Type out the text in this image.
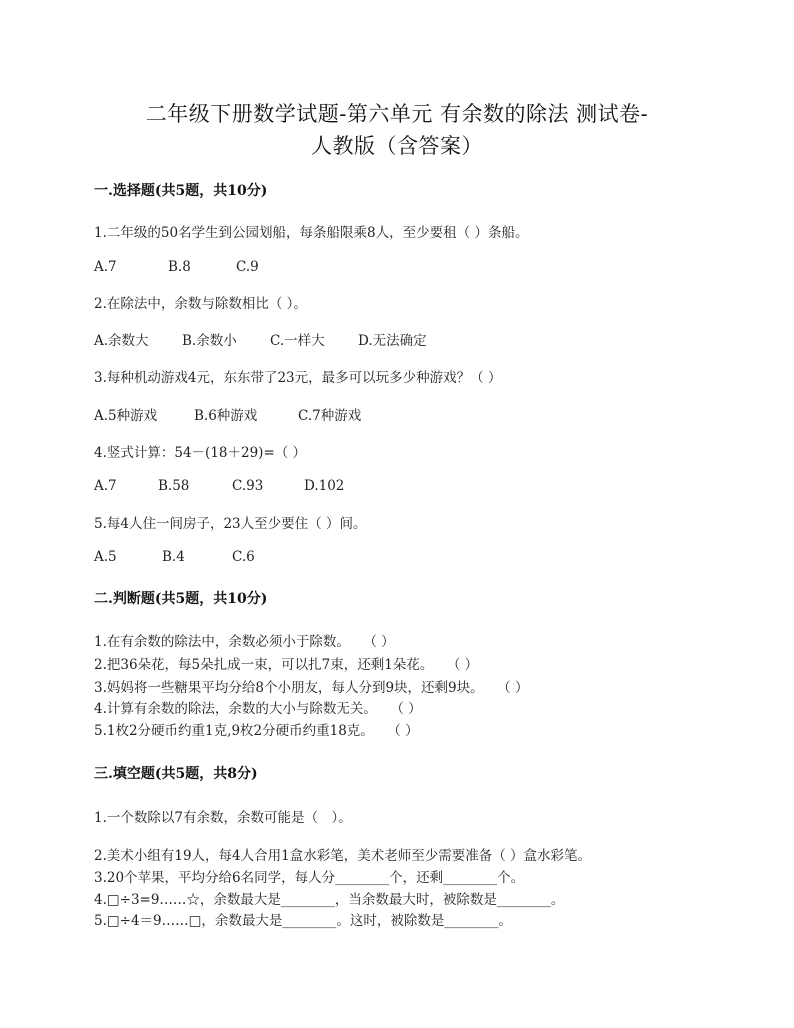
二年级下册数学试题-第六单元 有余数的除法 测试卷-
人教版（含答案）
一.选择题(共5题，共10分)
1.二年级的50名学生到公园划船，每条船限乘8人，至少要租（ ）条船。
A.7	B.8	C.9
2.在除法中，余数与除数相比（ ）。
A.余数大 B.余数小 C.一样大 D.无法确定
3.每种机动游戏4元，东东带了23元，最多可以玩多少种游戏？（ ）
A.5种游戏	B.6种游戏	C.7种游戏
4.竖式计算：54－(18＋29)=（ ）
A.7	B.58	C.93	D.102
5.每4人住一间房子，23人至少要住（ ）间。
A.5	B.4	C.6
二.判断题(共5题，共10分)
1.在有余数的除法中，余数必须小于除数。　　（ ）
2.把36朵花，每5朵扎成一束，可以扎7束，还剩1朵花。　　（ ）
3.妈妈将一些糖果平均分给8个小朋友，每人分到9块，还剩9块。　　（ ）
4.计算有余数的除法，余数的大小与除数无关。　　（ ）
5.1枚2分硬币约重1克,9枚2分硬币约重18克。　　（ ）
三.填空题(共5题，共8分)
1.一个数除以7有余数，余数可能是（　）。
2.美术小组有19人，每4人合用1盒水彩笔，美术老师至少需要准备（ ）盒水彩笔。
3.20个苹果，平均分给6名同学，每人分________个，还剩________个。
4.□÷3=9……☆，余数最大是________，当余数最大时，被除数是________。
5.□÷4＝9……□，余数最大是________。这时，被除数是________。
